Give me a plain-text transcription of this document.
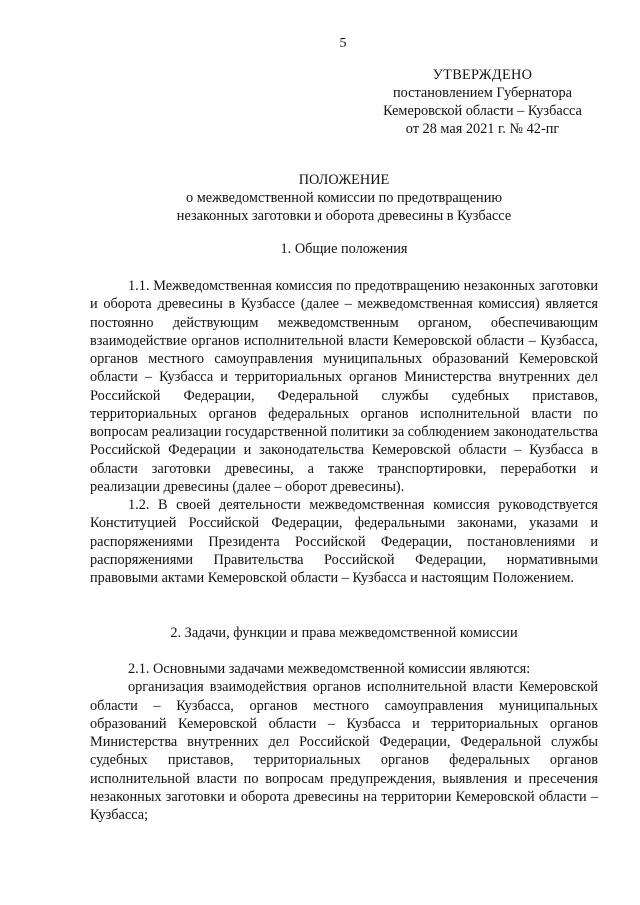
5
УТВЕРЖДЕНО
постановлением Губернатора
Кемеровской области – Кузбасса
от 28 мая 2021 г. № 42-пг
ПОЛОЖЕНИЕ
о межведомственной комиссии по предотвращению
незаконных заготовки и оборота древесины в Кузбассе
1. Общие положения

1.1. Межведомственная комиссия по предотвращению незаконных заготовки и оборота древесины в Кузбассе (далее – межведомственная комиссия) является постоянно действующим межведомственным органом, обеспечивающим взаимодействие органов исполнительной власти Кемеровской области – Кузбасса, органов местного самоуправления муниципальных образований Кемеровской области – Кузбасса и территориальных органов Министерства внутренних дел Российской Федерации, Федеральной службы судебных приставов, территориальных органов федеральных органов исполнительной власти по вопросам реализации государственной политики за соблюдением законодательства Российской Федерации и законодательства Кемеровской области – Кузбасса в области заготовки древесины, а также транспортировки, переработки и реализации древесины (далее – оборот древесины).

1.2. В своей деятельности межведомственная комиссия руководствуется Конституцией Российской Федерации, федеральными законами, указами и распоряжениями Президента Российской Федерации, постановлениями и распоряжениями Правительства Российской Федерации, нормативными правовыми актами Кемеровской области – Кузбасса и настоящим Положением.

2. Задачи, функции и права межведомственной комиссии

2.1. Основными задачами межведомственной комиссии являются:

организация взаимодействия органов исполнительной власти Кемеровской области – Кузбасса, органов местного самоуправления муниципальных образований Кемеровской области – Кузбасса и территориальных органов Министерства внутренних дел Российской Федерации, Федеральной службы судебных приставов, территориальных органов федеральных органов исполнительной власти по вопросам предупреждения, выявления и пресечения незаконных заготовки и оборота древесины на территории Кемеровской области – Кузбасса;
